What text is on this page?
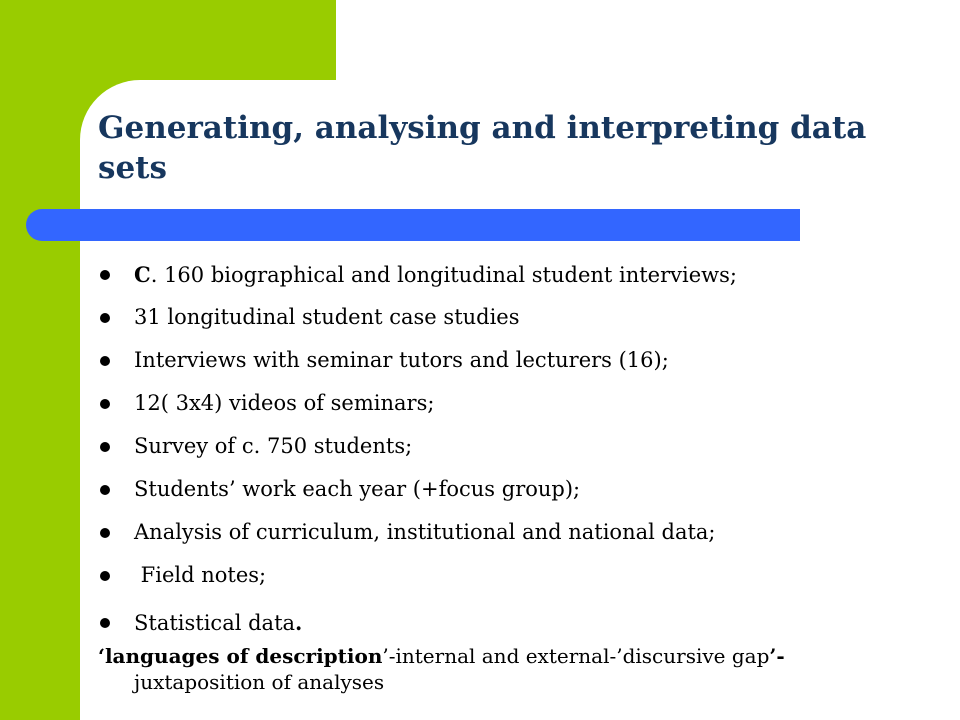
Generating, analysing and interpreting data sets
C. 160 biographical and longitudinal student interviews;
31 longitudinal student case studies
Interviews with seminar tutors and lecturers (16);
12( 3x4) videos of seminars;
Survey of c. 750 students;
Students’ work each year (+focus group);
Analysis of curriculum, institutional and national data;
Field notes;
Statistical data.
‘languages of description’-internal and external-’discursive gap’-
juxtaposition of analyses
